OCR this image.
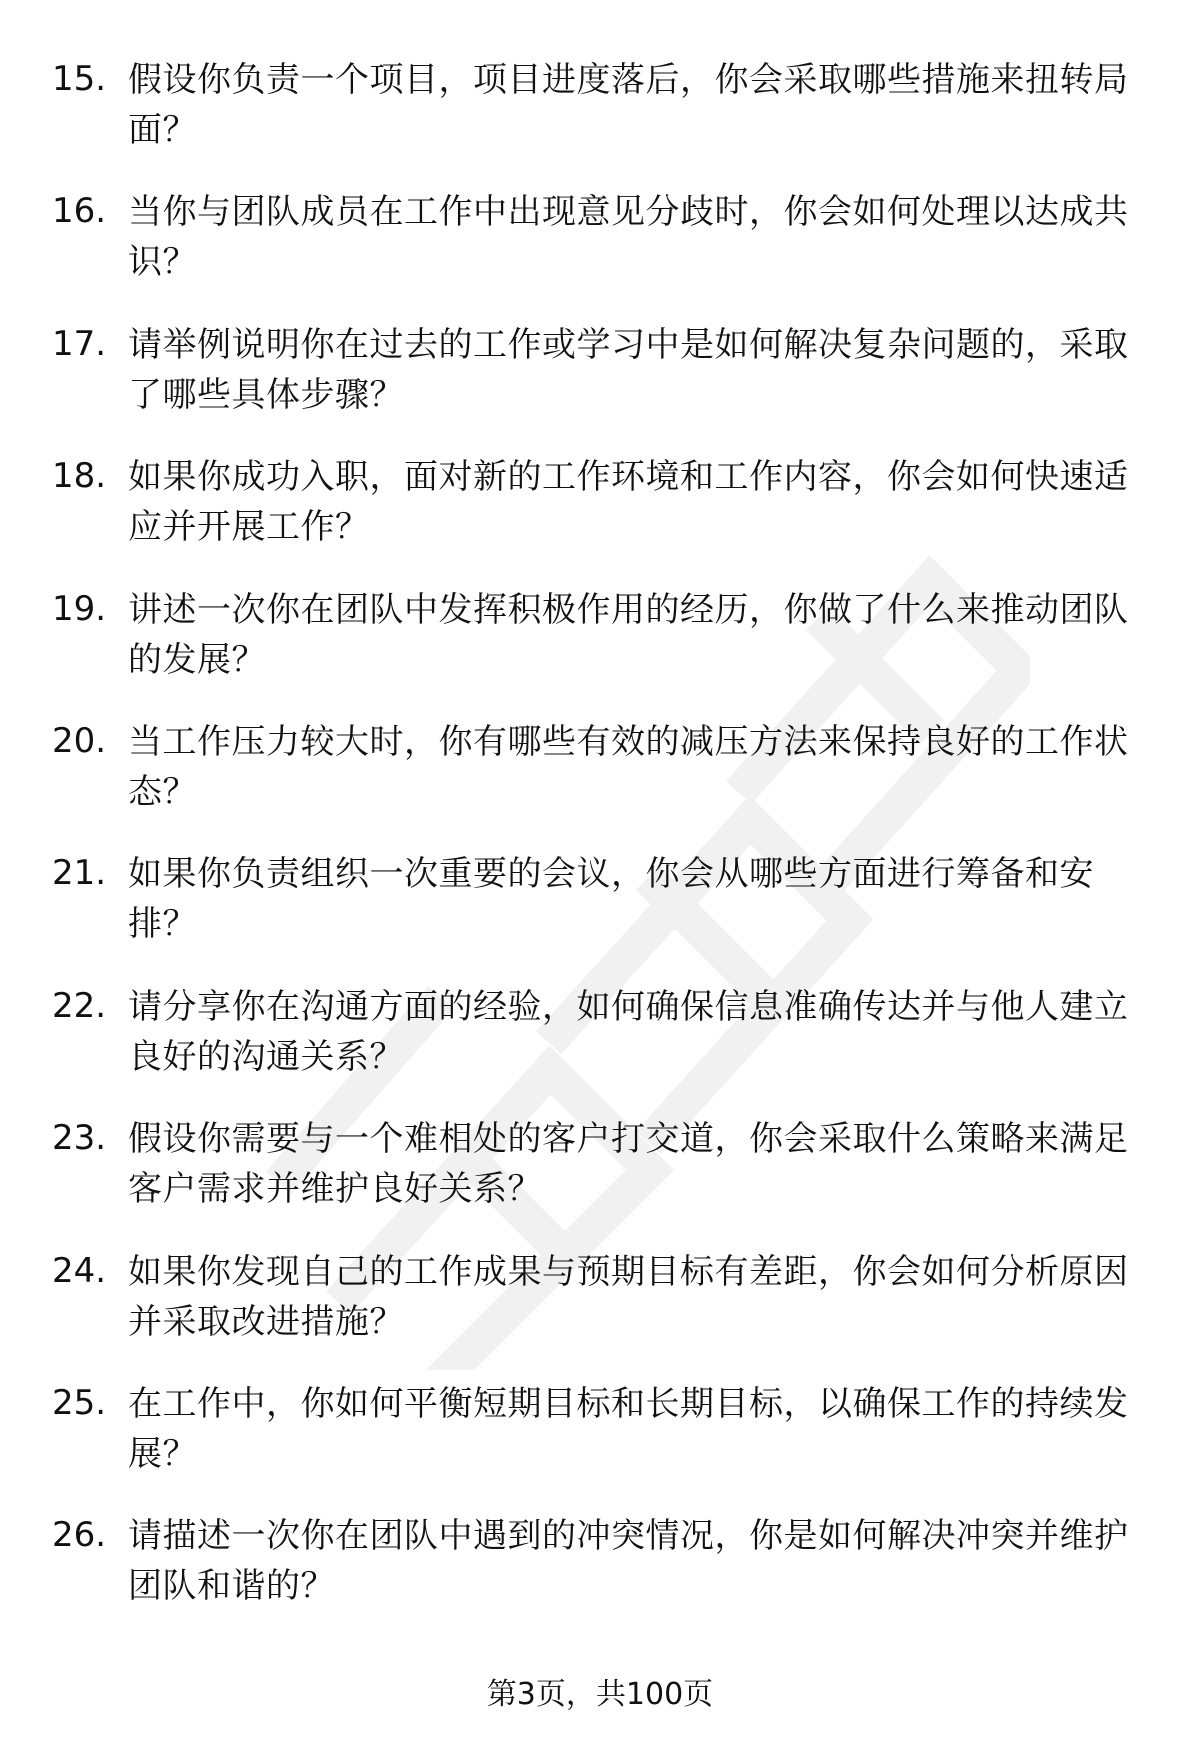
15. 假设你负责一个项目，项目进度落后，你会采取哪些措施来扭转局面？
16. 当你与团队成员在工作中出现意见分歧时，你会如何处理以达成共识？
17. 请举例说明你在过去的工作或学习中是如何解决复杂问题的，采取了哪些具体步骤？
18. 如果你成功入职，面对新的工作环境和工作内容，你会如何快速适应并开展工作？
19. 讲述一次你在团队中发挥积极作用的经历，你做了什么来推动团队的发展？
20. 当工作压力较大时，你有哪些有效的减压方法来保持良好的工作状态？
21. 如果你负责组织一次重要的会议，你会从哪些方面进行筹备和安排？
22. 请分享你在沟通方面的经验，如何确保信息准确传达并与他人建立良好的沟通关系？
23. 假设你需要与一个难相处的客户打交道，你会采取什么策略来满足客户需求并维护良好关系？
24. 如果你发现自己的工作成果与预期目标有差距，你会如何分析原因并采取改进措施？
25. 在工作中，你如何平衡短期目标和长期目标，以确保工作的持续发展？
26. 请描述一次你在团队中遇到的冲突情况，你是如何解决冲突并维护团队和谐的？
第3页，共100页
